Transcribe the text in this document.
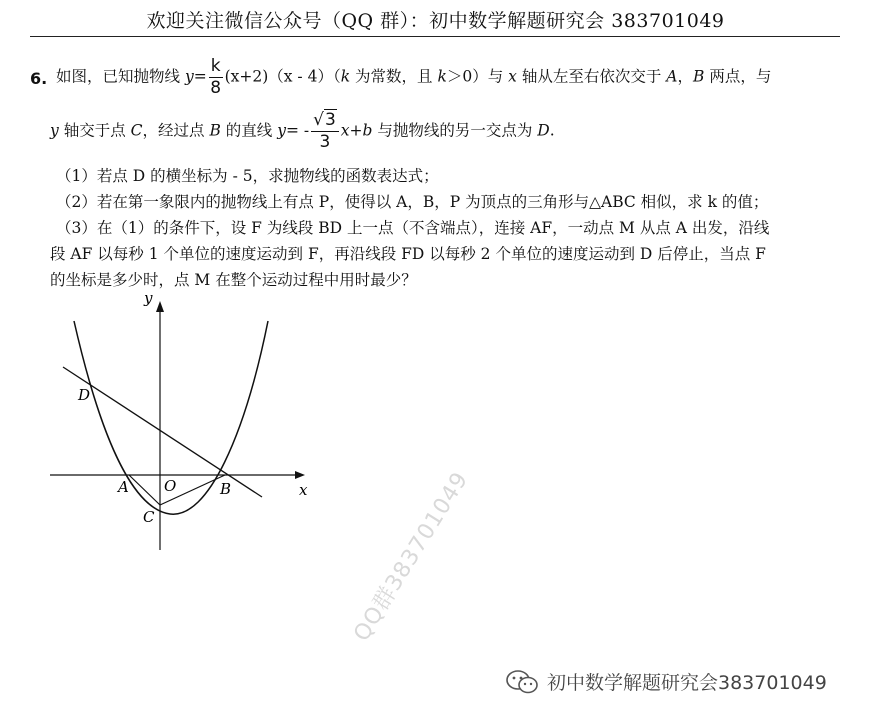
欢迎关注微信公众号（QQ 群）：初中数学解题研究会 383701049
6. 如图，已知抛物线 $y= \frac{k}{8} (x+2)(x - 4)(k$ 为常数，且 k＞0）与 x 轴从左至右依次交于 A，B 两点，与
y 轴交于点 C，经过点 B 的直线 $y= - \frac{√3}{3} x+b$ 与抛物线的另一交点为 D.
（1）若点 D 的横坐标为 - 5，求抛物线的函数表达式；
（2）若在第一象限内的抛物线上有点 P，使得以 A，B，P 为顶点的三角形与△ABC 相似，求 k 的值；
（3）在（1）的条件下，设 F 为线段 BD 上一点（不含端点），连接 AF，一动点 M 从点 A 出发，沿线
段 AF 以每秒 1 个单位的速度运动到 F，再沿线段 FD 以每秒 2 个单位的速度运动到 D 后停止，当点 F
的坐标是多少时，点 M 在整个运动过程中用时最少？
y
x
D
A O	B
C	QQ群383701049
初中数学解题研究会383701049
